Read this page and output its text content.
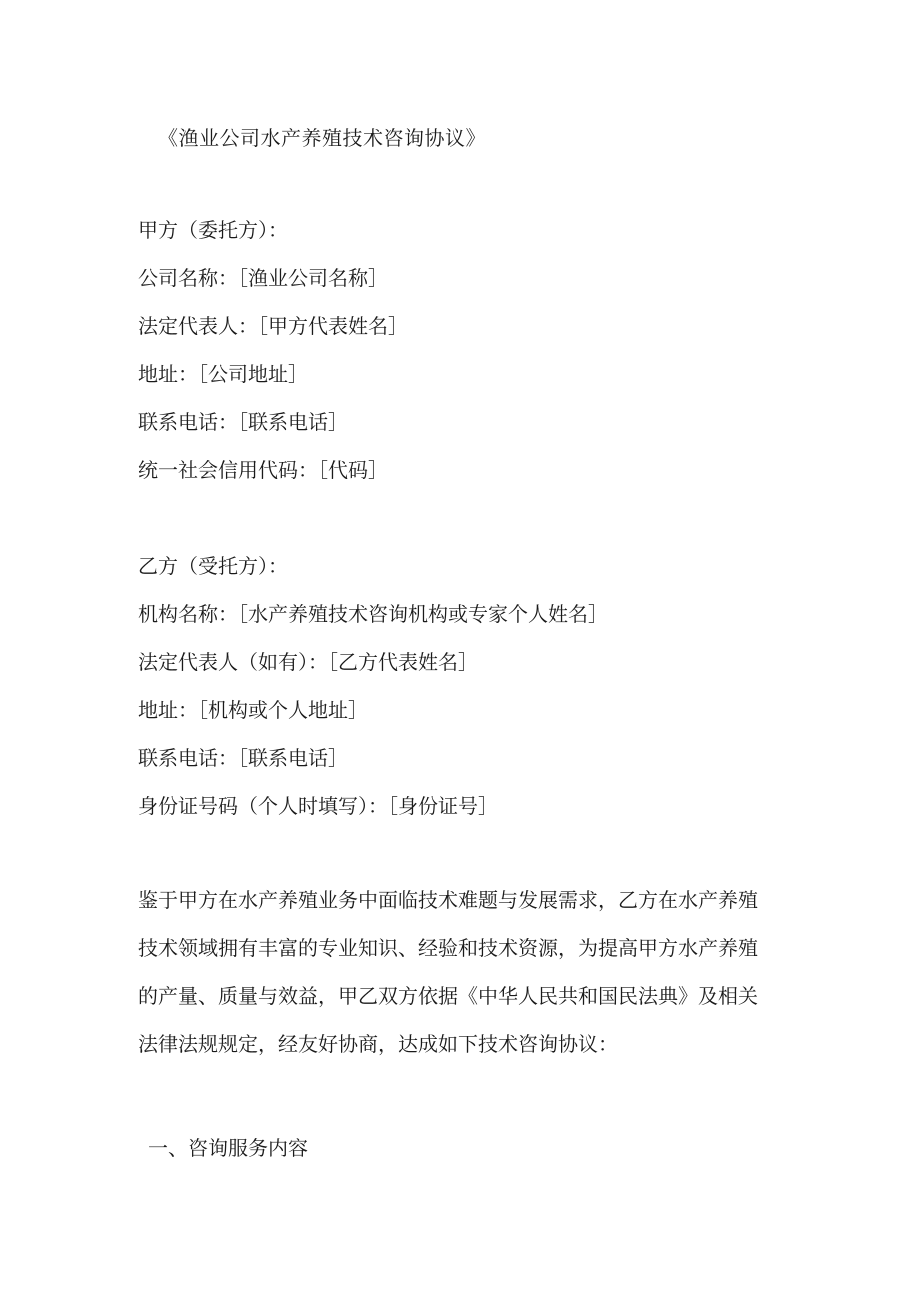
《渔业公司水产养殖技术咨询协议》
甲方（委托方）：
公司名称：［渔业公司名称］
法定代表人：［甲方代表姓名］
地址：［公司地址］
联系电话：［联系电话］
统一社会信用代码：［代码］
乙方（受托方）：
机构名称：［水产养殖技术咨询机构或专家个人姓名］
法定代表人（如有）：［乙方代表姓名］
地址：［机构或个人地址］
联系电话：［联系电话］
身份证号码（个人时填写）：［身份证号］
鉴于甲方在水产养殖业务中面临技术难题与发展需求，乙方在水产养殖
技术领域拥有丰富的专业知识、经验和技术资源，为提高甲方水产养殖
的产量、质量与效益，甲乙双方依据《中华人民共和国民法典》及相关
法律法规规定，经友好协商，达成如下技术咨询协议：
一、咨询服务内容
